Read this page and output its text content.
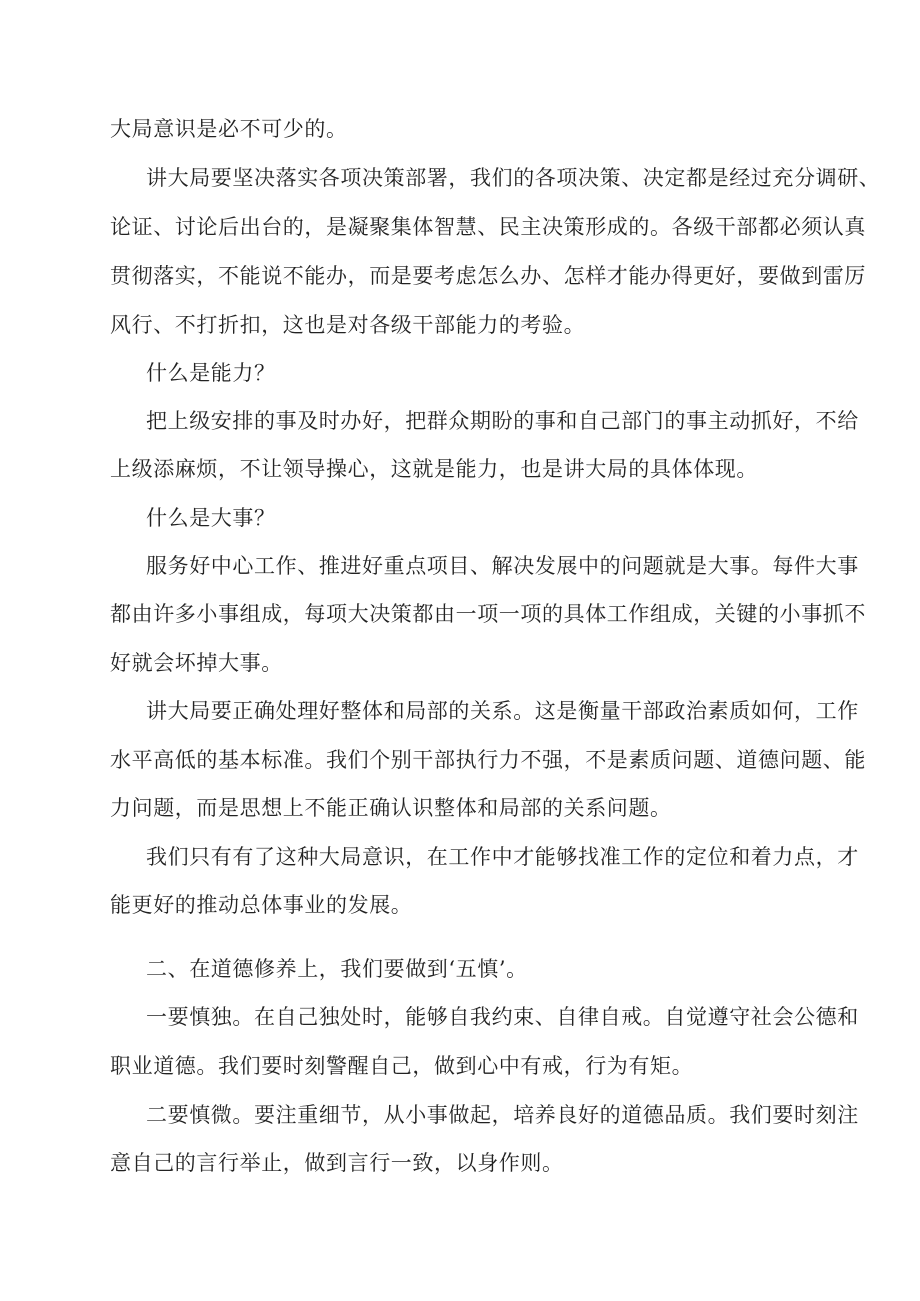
大局意识是必不可少的。
讲大局要坚决落实各项决策部署，我们的各项决策、决定都是经过充分调研、
论证、讨论后出台的，是凝聚集体智慧、民主决策形成的。各级干部都必须认真
贯彻落实，不能说不能办，而是要考虑怎么办、怎样才能办得更好，要做到雷厉
风行、不打折扣，这也是对各级干部能力的考验。
什么是能力？
把上级安排的事及时办好，把群众期盼的事和自己部门的事主动抓好，不给
上级添麻烦，不让领导操心，这就是能力，也是讲大局的具体体现。
什么是大事？
服务好中心工作、推进好重点项目、解决发展中的问题就是大事。每件大事
都由许多小事组成，每项大决策都由一项一项的具体工作组成，关键的小事抓不
好就会坏掉大事。
讲大局要正确处理好整体和局部的关系。这是衡量干部政治素质如何，工作
水平高低的基本标准。我们个别干部执行力不强，不是素质问题、道德问题、能
力问题，而是思想上不能正确认识整体和局部的关系问题。
我们只有有了这种大局意识，在工作中才能够找准工作的定位和着力点，才
能更好的推动总体事业的发展。
二、在道德修养上，我们要做到‘五慎’。
一要慎独。在自己独处时，能够自我约束、自律自戒。自觉遵守社会公德和
职业道德。我们要时刻警醒自己，做到心中有戒，行为有矩。
二要慎微。要注重细节，从小事做起，培养良好的道德品质。我们要时刻注
意自己的言行举止，做到言行一致，以身作则。
